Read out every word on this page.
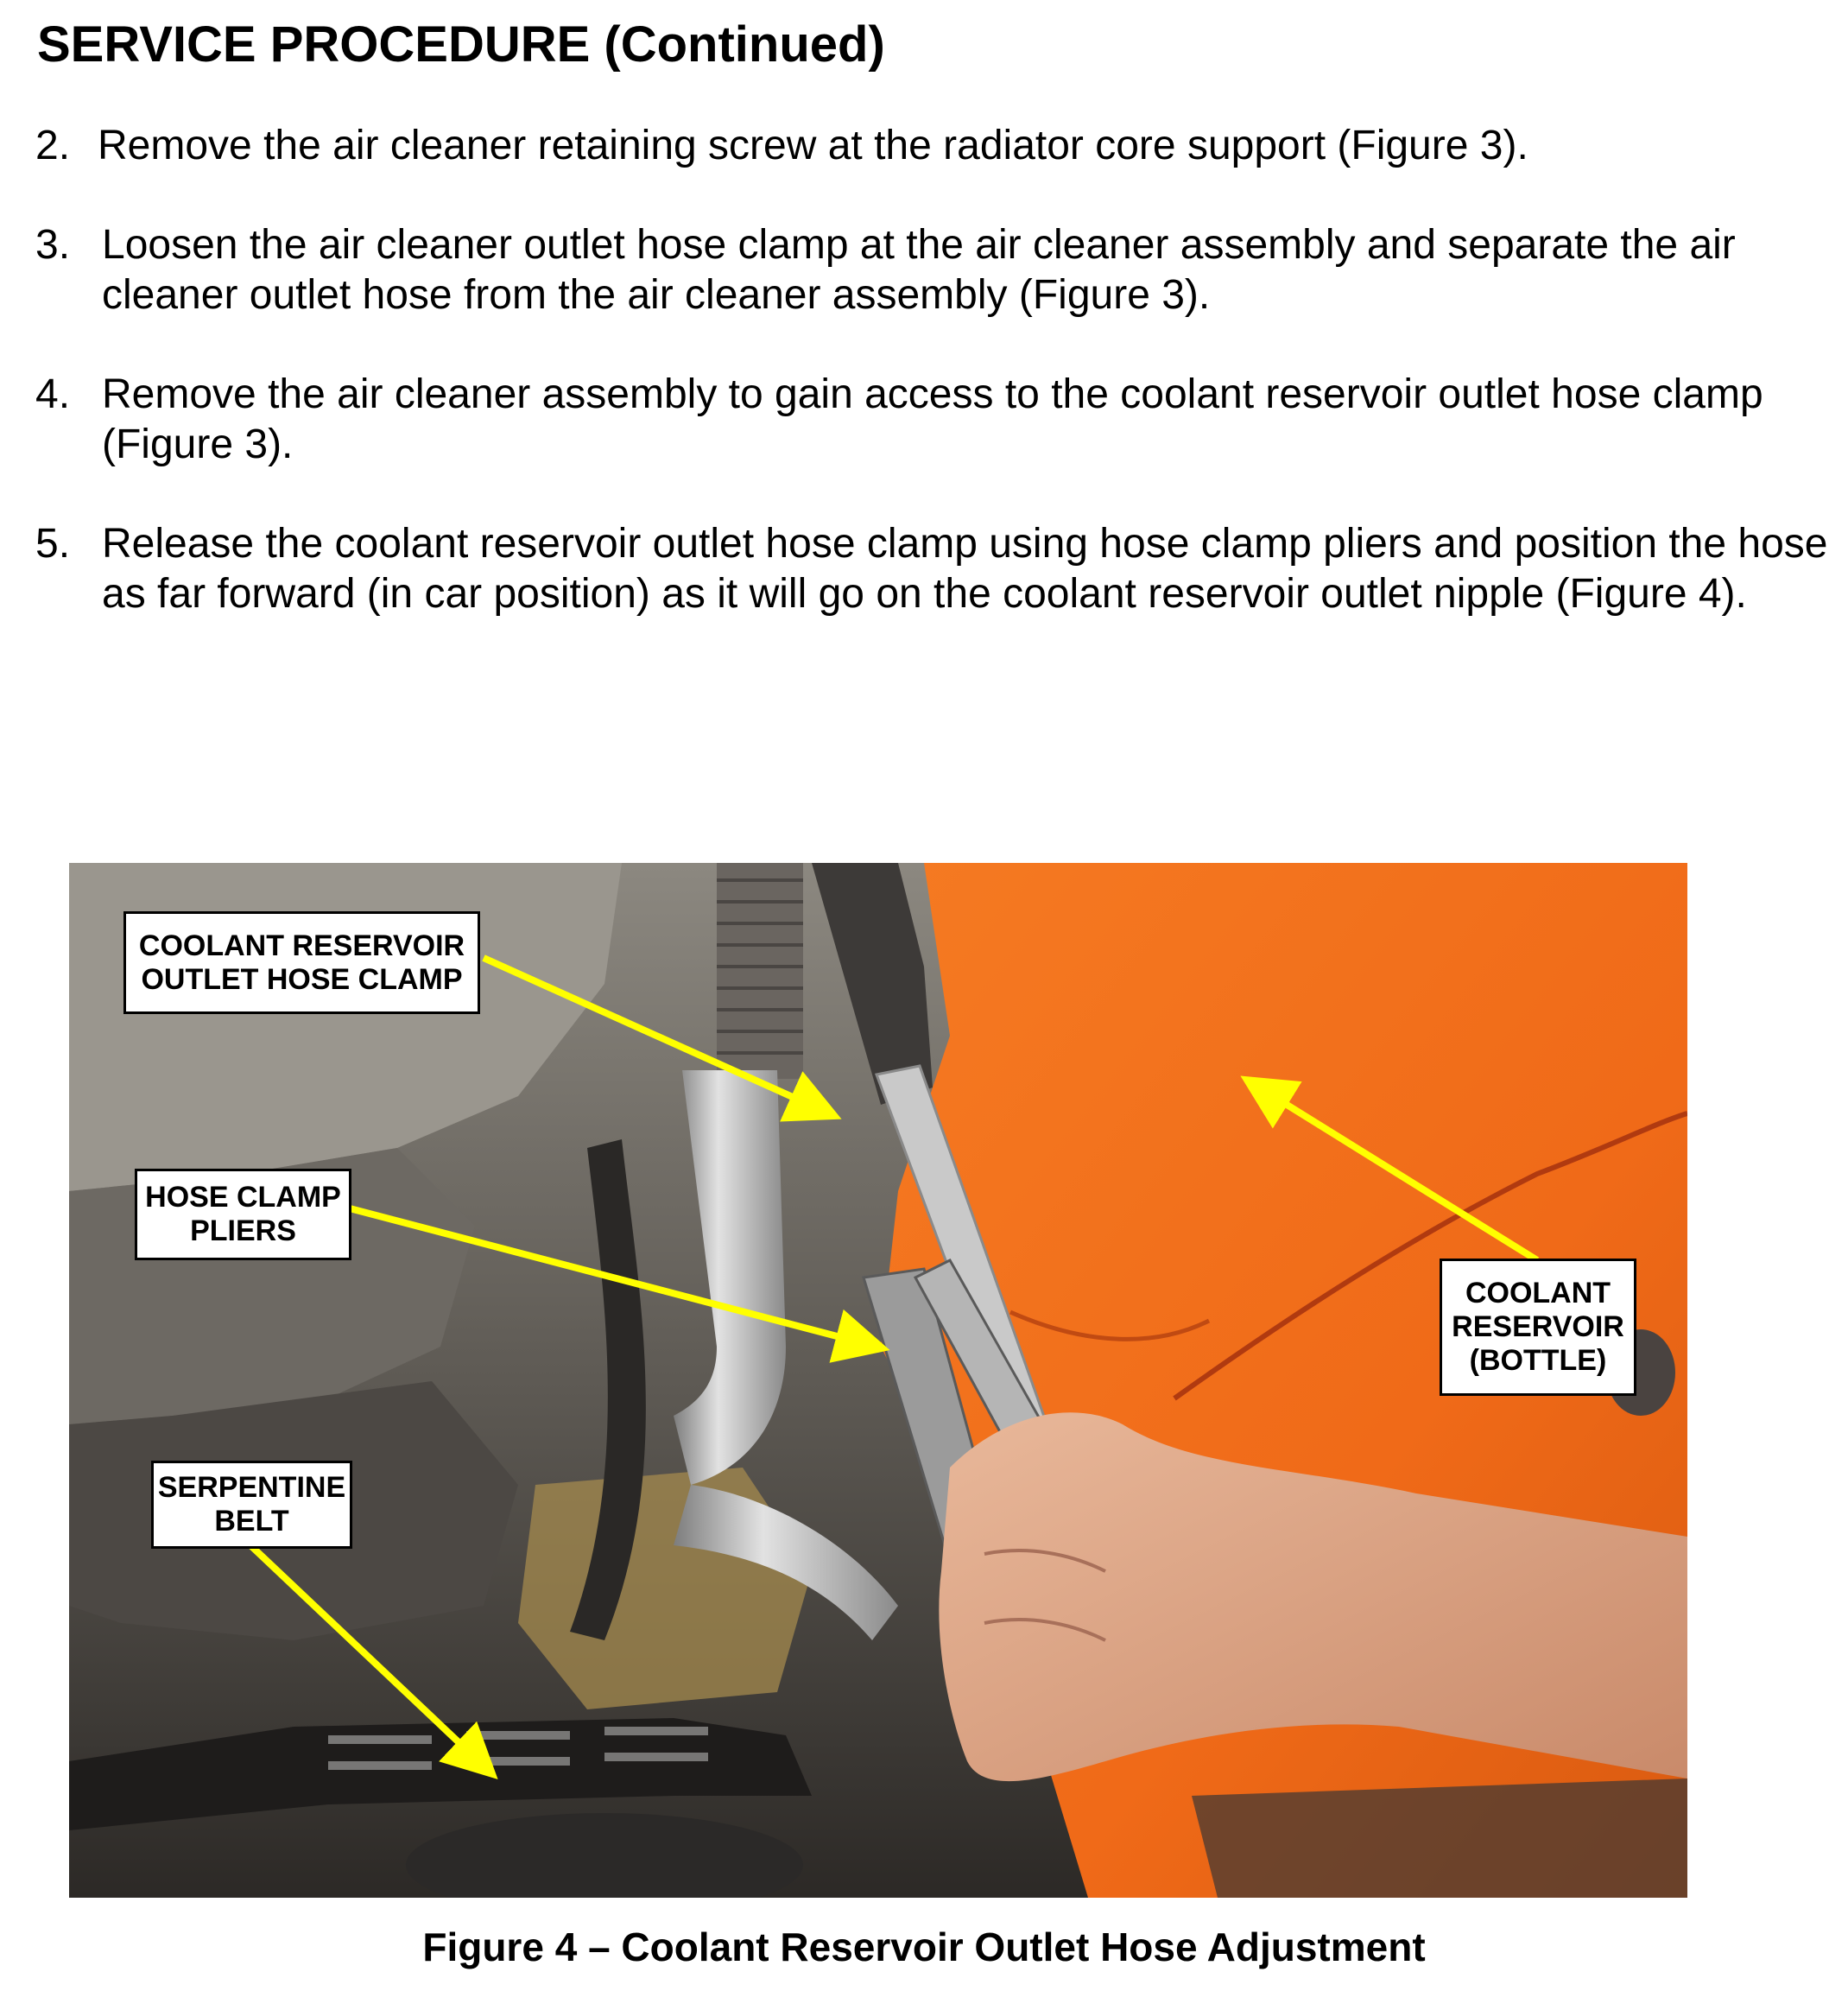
SERVICE PROCEDURE (Continued)
2. Remove the air cleaner retaining screw at the radiator core support (Figure 3).
3. Loosen the air cleaner outlet hose clamp at the air cleaner assembly and separate the air cleaner outlet hose from the air cleaner assembly (Figure 3).
4. Remove the air cleaner assembly to gain access to the coolant reservoir outlet hose clamp (Figure 3).
5. Release the coolant reservoir outlet hose clamp using hose clamp pliers and position the hose as far forward (in car position) as it will go on the coolant reservoir outlet nipple (Figure 4).
COOLANT RESERVOIR
OUTLET HOSE CLAMP
HOSE CLAMP
PLIERS
SERPENTINE
BELT
COOLANT
RESERVOIR
(BOTTLE)
Figure 4 – Coolant Reservoir Outlet Hose Adjustment
